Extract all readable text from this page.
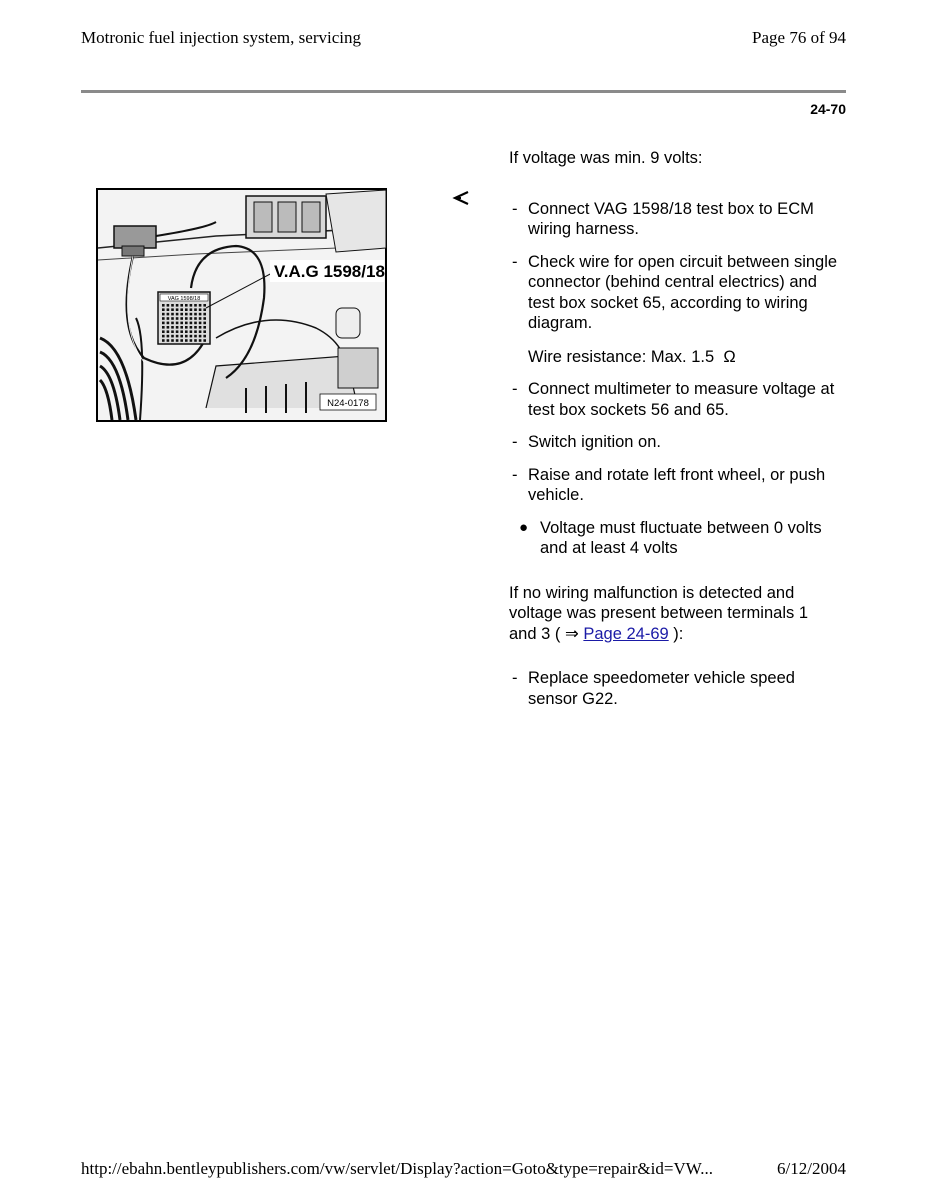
Motronic fuel injection system, servicing	Page 76 of 94
24-70
VAG 1598/18
V.A.G 1598/18
N24-0178

If voltage was min. 9 volts:

- Connect VAG 1598/18 test box to ECM wiring harness.
- Check wire for open circuit between single connector (behind central electrics) and test box socket 65, according to wiring diagram.
Wire resistance: Max. 1.5 Ω
- Connect multimeter to measure voltage at test box sockets 56 and 65.
- Switch ignition on.
- Raise and rotate left front wheel, or push vehicle.
● Voltage must fluctuate between 0 volts and at least 4 volts

If no wiring malfunction is detected and voltage was present between terminals 1 and 3 ( ⇒ Page 24-69 ):

- Replace speedometer vehicle speed sensor G22.
http://ebahn.bentleypublishers.com/vw/servlet/Display?action=Goto&type=repair&id=VW...	6/12/2004
